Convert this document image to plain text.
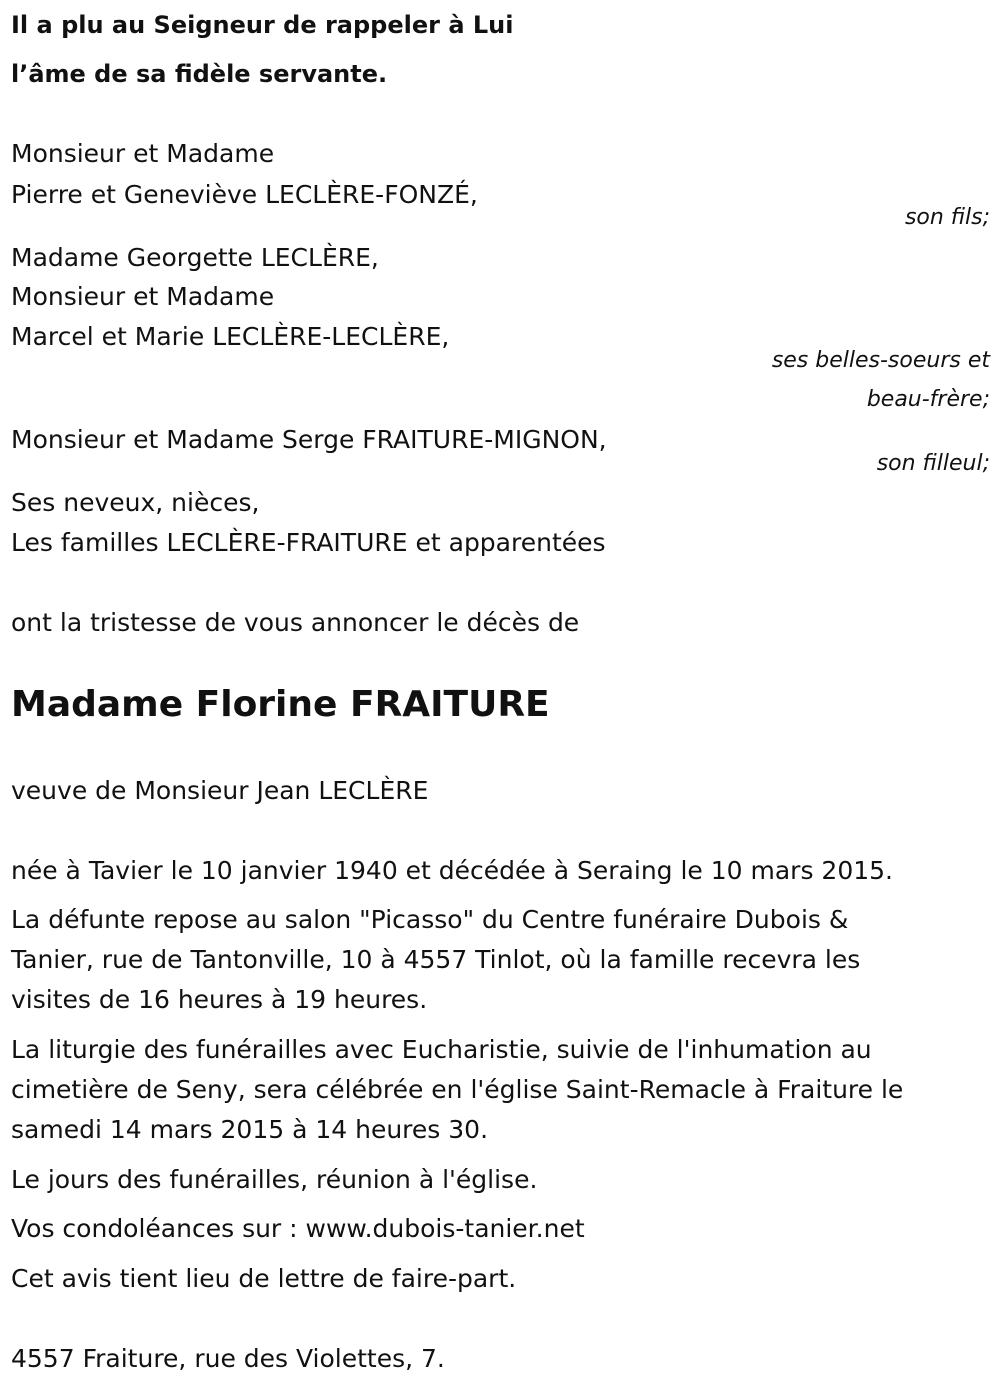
Il a plu au Seigneur de rappeler à Lui
l’âme de sa fidèle servante.
Monsieur et Madame
Pierre et Geneviève LECLÈRE-FONZÉ,
son fils;
Madame Georgette LECLÈRE,
Monsieur et Madame
Marcel et Marie LECLÈRE-LECLÈRE,
ses belles-soeurs et
beau-frère;
Monsieur et Madame Serge FRAITURE-MIGNON,
son filleul;
Ses neveux, nièces,
Les familles LECLÈRE-FRAITURE et apparentées
ont la tristesse de vous annoncer le décès de
Madame Florine FRAITURE
veuve de Monsieur Jean LECLÈRE
née à Tavier le 10 janvier 1940 et décédée à Seraing le 10 mars 2015.
La défunte repose au salon "Picasso" du Centre funéraire Dubois &
Tanier, rue de Tantonville, 10 à 4557 Tinlot, où la famille recevra les
visites de 16 heures à 19 heures.
La liturgie des funérailles avec Eucharistie, suivie de l'inhumation au
cimetière de Seny, sera célébrée en l'église Saint-Remacle à Fraiture le
samedi 14 mars 2015 à 14 heures 30.
Le jours des funérailles, réunion à l'église.
Vos condoléances sur : www.dubois-tanier.net
Cet avis tient lieu de lettre de faire-part.
4557 Fraiture, rue des Violettes, 7.
